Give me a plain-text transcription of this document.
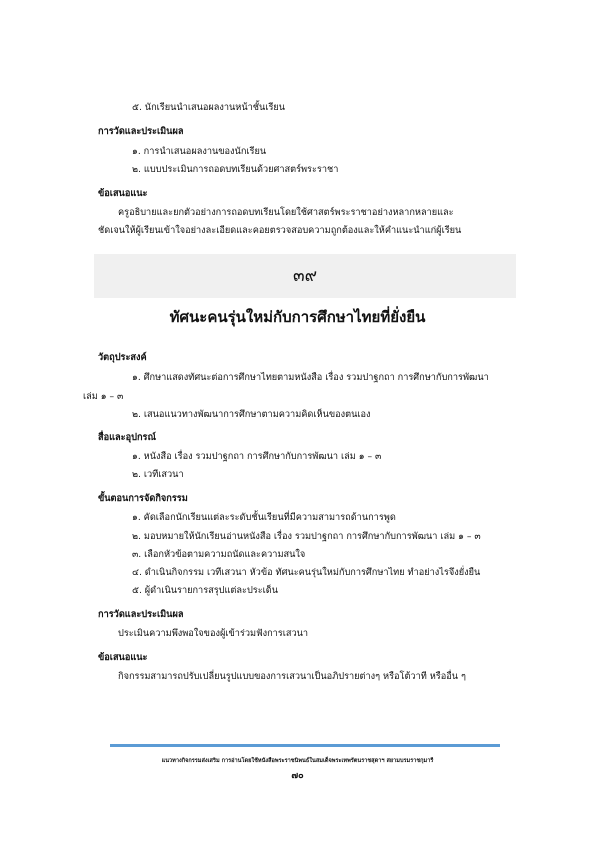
๕. นักเรียนนำเสนอผลงานหน้าชั้นเรียน
การวัดและประเมินผล
๑. การนำเสนอผลงานของนักเรียน
๒. แบบประเมินการถอดบทเรียนด้วยศาสตร์พระราชา
ข้อเสนอแนะ
ครูอธิบายและยกตัวอย่างการถอดบทเรียนโดยใช้ศาสตร์พระราชาอย่างหลากหลายและ
ชัดเจนให้ผู้เรียนเข้าใจอย่างละเอียดและคอยตรวจสอบความถูกต้องและให้คำแนะนำแก่ผู้เรียน
๓๙
ทัศนะคนรุ่นใหม่กับการศึกษาไทยที่ยั่งยืน
วัตถุประสงค์
๑. ศึกษาแสดงทัศนะต่อการศึกษาไทยตามหนังสือ เรื่อง รวมปาฐกถา การศึกษากับการพัฒนา
เล่ม ๑ – ๓
๒. เสนอแนวทางพัฒนาการศึกษาตามความคิดเห็นของตนเอง
สื่อและอุปกรณ์
๑. หนังสือ เรื่อง รวมปาฐกถา การศึกษากับการพัฒนา เล่ม ๑ – ๓
๒. เวทีเสวนา
ขั้นตอนการจัดกิจกรรม
๑. คัดเลือกนักเรียนแต่ละระดับชั้นเรียนที่มีความสามารถด้านการพูด
๒. มอบหมายให้นักเรียนอ่านหนังสือ เรื่อง รวมปาฐกถา การศึกษากับการพัฒนา เล่ม ๑ – ๓
๓. เลือกหัวข้อตามความถนัดและความสนใจ
๔. ดำเนินกิจกรรม เวทีเสวนา หัวข้อ ทัศนะคนรุ่นใหม่กับการศึกษาไทย ทำอย่างไรจึงยั่งยืน
๕. ผู้ดำเนินรายการสรุปแต่ละประเด็น
การวัดและประเมินผล
ประเมินความพึงพอใจของผู้เข้าร่วมฟังการเสวนา
ข้อเสนอแนะ
กิจกรรมสามารถปรับเปลี่ยนรูปแบบของการเสวนาเป็นอภิปรายต่างๆ หรือโต้วาที หรืออื่น ๆ
แนวทางกิจกรรมส่งเสริม การอ่านโดยใช้หนังสือพระราชนิพนธ์ในสมเด็จพระเทพรัตนราชสุดาฯ สยามบรมราชกุมารี
๗๐
